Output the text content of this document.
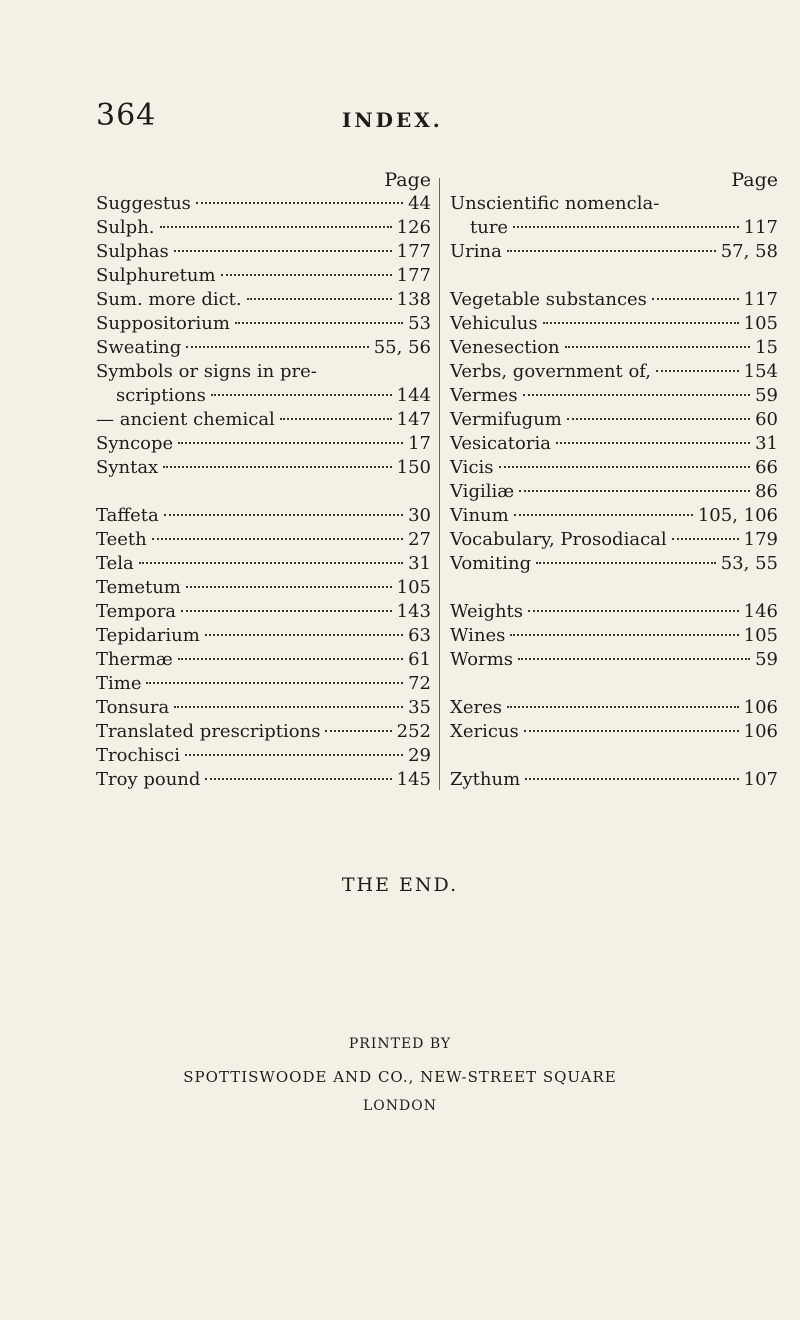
364	INDEX.
Page
Suggestus	44
Sulph.	126
Sulphas	177
Sulphuretum	177
Sum. more dict.	138
Suppositorium	53
Sweating	55, 56
Symbols or signs in pre-
scriptions	144
— ancient chemical	147
Syncope	17
Syntax	150
Taffeta	30
Teeth	27
Tela	31
Temetum	105
Tempora	143
Tepidarium	63
Thermæ	61
Time	72
Tonsura	35
Translated prescriptions	252
Trochisci	29
Troy pound	145
Page
Unscientific nomencla-
ture	117
Urina	57, 58
Vegetable substances	117
Vehiculus	105
Venesection	15
Verbs, government of,	154
Vermes	59
Vermifugum	60
Vesicatoria	31
Vicis	66
Vigiliæ	86
Vinum	105, 106
Vocabulary, Prosodiacal	179
Vomiting	53, 55
Weights	146
Wines	105
Worms	59
Xeres	106
Xericus	106
Zythum	107
THE END.
PRINTED BY
SPOTTISWOODE AND CO., NEW-STREET SQUARE
LONDON
